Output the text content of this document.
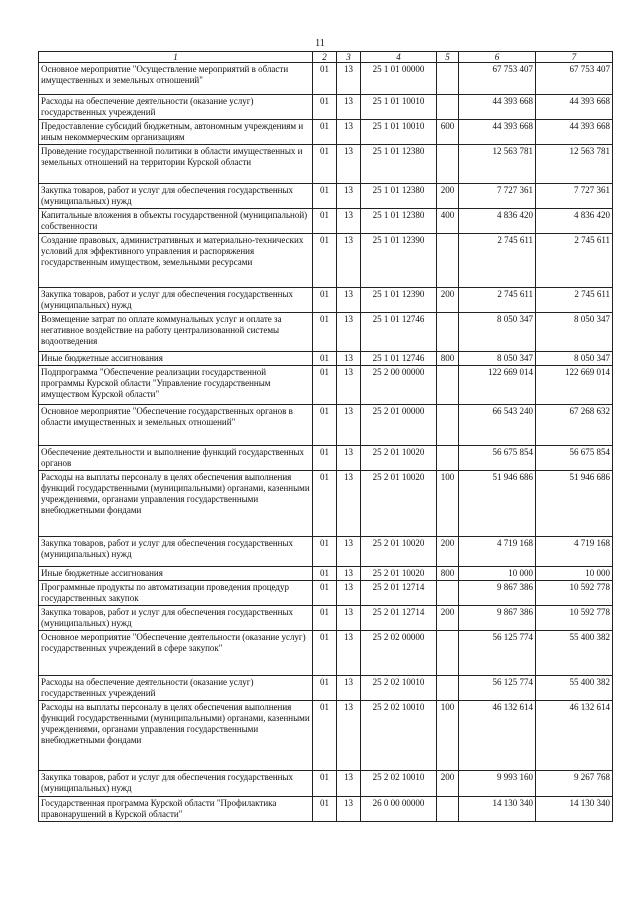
11
1	2	3	4	5	6	7
Основное мероприятие "Осуществление мероприятий в области имущественных и земельных отношений"	01	13	25 1 01 00000		67 753 407	67 753 407
Расходы на обеспечение деятельности (оказание услуг) государственных учреждений	01	13	25 1 01 10010		44 393 668	44 393 668
Предоставление субсидий бюджетным, автономным учреждениям и иным некоммерческим организациям	01	13	25 1 01 10010	600	44 393 668	44 393 668
Проведение государственной политики в области имущественных и земельных отношений на территории Курской области	01	13	25 1 01 12380		12 563 781	12 563 781
Закупка товаров, работ и услуг для обеспечения государственных (муниципальных) нужд	01	13	25 1 01 12380	200	7 727 361	7 727 361
Капитальные вложения в объекты государственной (муниципальной) собственности	01	13	25 1 01 12380	400	4 836 420	4 836 420
Создание правовых, административных и материально-технических условий для эффективного управления и распоряжения государственным имуществом, земельными ресурсами	01	13	25 1 01 12390		2 745 611	2 745 611
Закупка товаров, работ и услуг для обеспечения государственных (муниципальных) нужд	01	13	25 1 01 12390	200	2 745 611	2 745 611
Возмещение затрат по оплате коммунальных услуг и оплате за негативное воздействие на работу централизованной системы водоотведения	01	13	25 1 01 12746		8 050 347	8 050 347
Иные бюджетные ассигнования	01	13	25 1 01 12746	800	8 050 347	8 050 347
Подпрограмма "Обеспечение реализации государственной программы Курской области "Управление государственным имуществом Курской области"	01	13	25 2 00 00000		122 669 014	122 669 014
Основное мероприятие "Обеспечение государственных органов в области имущественных и земельных отношений"	01	13	25 2 01 00000		66 543 240	67 268 632
Обеспечение деятельности и выполнение функций государственных органов	01	13	25 2 01 10020		56 675 854	56 675 854
Расходы на выплаты персоналу в целях обеспечения выполнения функций государственными (муниципальными) органами, казенными учреждениями, органами управления государственными внебюджетными фондами	01	13	25 2 01 10020	100	51 946 686	51 946 686
Закупка товаров, работ и услуг для обеспечения государственных (муниципальных) нужд	01	13	25 2 01 10020	200	4 719 168	4 719 168
Иные бюджетные ассигнования	01	13	25 2 01 10020	800	10 000	10 000
Программные продукты по автоматизации проведения процедур государственных закупок	01	13	25 2 01 12714		9 867 386	10 592 778
Закупка товаров, работ и услуг для обеспечения государственных (муниципальных) нужд	01	13	25 2 01 12714	200	9 867 386	10 592 778
Основное мероприятие "Обеспечение деятельности (оказание услуг) государственных учреждений в сфере закупок"	01	13	25 2 02 00000		56 125 774	55 400 382
Расходы на обеспечение деятельности (оказание услуг) государственных учреждений	01	13	25 2 02 10010		56 125 774	55 400 382
Расходы на выплаты персоналу в целях обеспечения выполнения функций государственными (муниципальными) органами, казенными учреждениями, органами управления государственными внебюджетными фондами	01	13	25 2 02 10010	100	46 132 614	46 132 614
Закупка товаров, работ и услуг для обеспечения государственных (муниципальных) нужд	01	13	25 2 02 10010	200	9 993 160	9 267 768
Государственная программа Курской области "Профилактика правонарушений в Курской области"	01	13	26 0 00 00000		14 130 340	14 130 340
